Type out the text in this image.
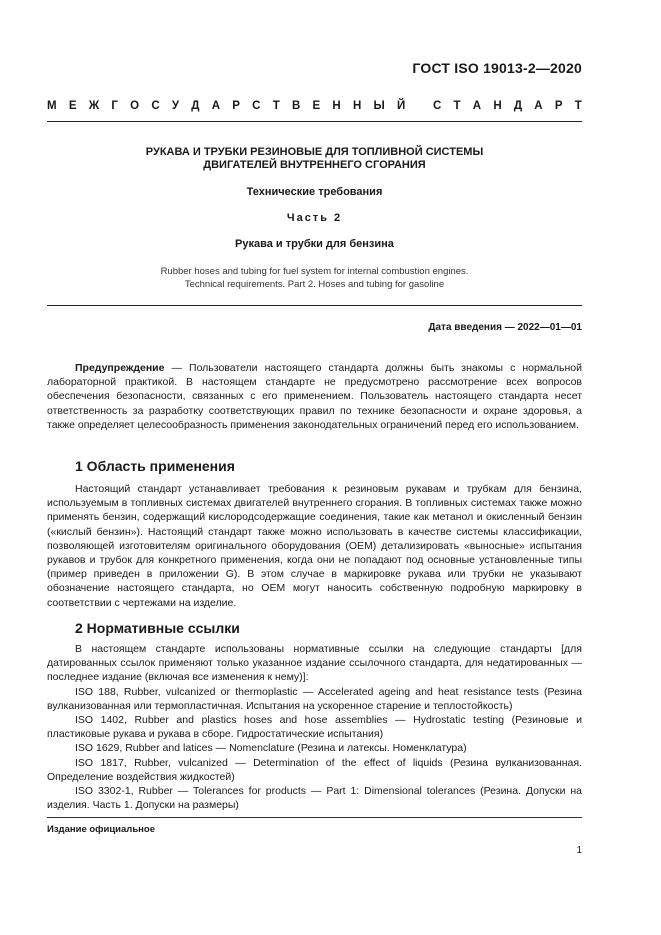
ГОСТ ISO 19013-2—2020
М Е Ж Г О С У Д А Р С Т В Е Н Н Ы Й
С Т А Н Д А Р Т
РУКАВА И ТРУБКИ РЕЗИНОВЫЕ ДЛЯ ТОПЛИВНОЙ СИСТЕМЫ
ДВИГАТЕЛЕЙ ВНУТРЕННЕГО СГОРАНИЯ
Технические требования
Часть 2
Рукава и трубки для бензина
Rubber hoses and tubing for fuel system for internal combustion engines.
Technical requirements. Part 2. Hoses and tubing for gasoline
Дата введения — 2022—01—01

Предупреждение — Пользователи настоящего стандарта должны быть знакомы с нормальной лабораторной практикой. В настоящем стандарте не предусмотрено рассмотрение всех вопросов обеспечения безопасности, связанных с его применением. Пользователь настоящего стандарта несет ответственность за разработку соответствующих правил по технике безопасности и охране здоровья, а также определяет целесообразность применения законодательных ограничений перед его использованием.

1 Область применения

Настоящий стандарт устанавливает требования к резиновым рукавам и трубкам для бензина, используемым в топливных системах двигателей внутреннего сгорания. В топливных системах также можно применять бензин, содержащий кислородсодержащие соединения, такие как метанол и окисленный бензин («кислый бензин»). Настоящий стандарт также можно использовать в качестве системы классификации, позволяющей изготовителям оригинального оборудования (OEM) детализировать «выносные» испытания рукавов и трубок для конкретного применения, когда они не попадают под основные установленные типы (пример приведен в приложении G). В этом случае в маркировке рукава или трубки не указывают обозначение настоящего стандарта, но OEM могут наносить собственную подробную маркировку в соответствии с чертежами на изделие.

2 Нормативные ссылки

В настоящем стандарте использованы нормативные ссылки на следующие стандарты [для датированных ссылок применяют только указанное издание ссылочного стандарта, для недатированных — последнее издание (включая все изменения к нему)]:

ISO 188, Rubber, vulcanized or thermoplastic — Accelerated ageing and heat resistance tests (Резина вулканизованная или термопластичная. Испытания на ускоренное старение и теплостойкость)

ISO 1402, Rubber and plastics hoses and hose assemblies — Hydrostatic testing (Резиновые и пластиковые рукава и рукава в сборе. Гидростатические испытания)

ISO 1629, Rubber and latices — Nomenclature (Резина и латексы. Номенклатура)

ISO 1817, Rubber, vulcanized — Determination of the effect of liquids (Резина вулканизованная. Определение воздействия жидкостей)

ISO 3302-1, Rubber — Tolerances for products — Part 1: Dimensional tolerances (Резина. Допуски на изделия. Часть 1. Допуски на размеры)

Издание официальное
1
